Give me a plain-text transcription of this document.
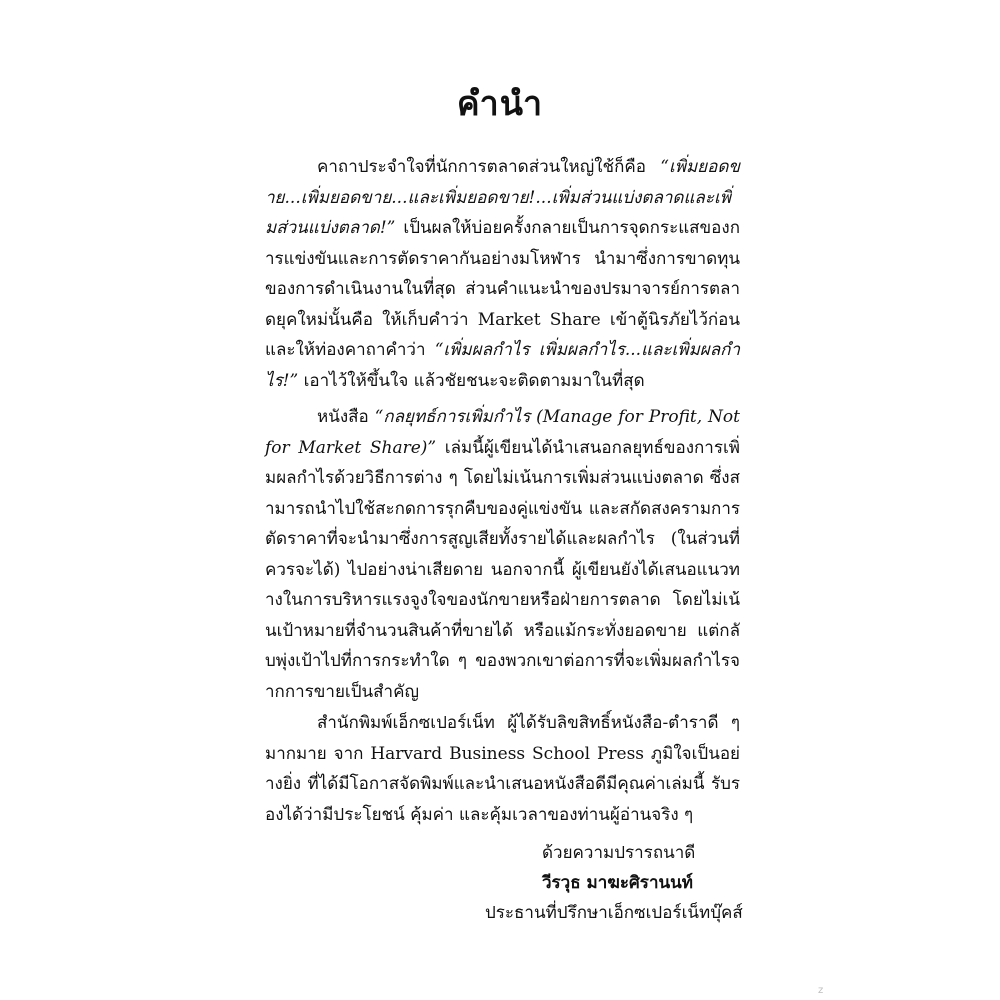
คำนำ
คาถาประจำใจที่นักการตลาดส่วนใหญ่ใช้ก็คือ “เพิ่มยอดขาย...เพิ่มยอดขาย...และเพิ่มยอดขาย!...เพิ่มส่วนแบ่งตลาดและเพิ่มส่วนแบ่งตลาด!” เป็นผลให้บ่อยครั้งกลายเป็นการจุดกระแสของการแข่งขันและการตัดราคากันอย่างมโหฬาร นำมาซึ่งการขาดทุนของการดำเนินงานในที่สุด ส่วนคำแนะนำของปรมาจารย์การตลาดยุคใหม่นั้นคือ ให้เก็บคำว่า Market Share เข้าตู้นิรภัยไว้ก่อน และให้ท่องคาถาคำว่า “เพิ่มผลกำไร เพิ่มผลกำไร...และเพิ่มผลกำไร!” เอาไว้ให้ขึ้นใจ แล้วชัยชนะจะติดตามมาในที่สุด
หนังสือ “กลยุทธ์การเพิ่มกำไร (Manage for Profit, Not for Market Share)” เล่มนี้ผู้เขียนได้นำเสนอกลยุทธ์ของการเพิ่มผลกำไรด้วยวิธีการต่าง ๆ โดยไม่เน้นการเพิ่มส่วนแบ่งตลาด ซึ่งสามารถนำไปใช้สะกดการรุกคืบของคู่แข่งขัน และสกัดสงครามการตัดราคาที่จะนำมาซึ่งการสูญเสียทั้งรายได้และผลกำไร (ในส่วนที่ควรจะได้) ไปอย่างน่าเสียดาย นอกจากนี้ ผู้เขียนยังได้เสนอแนวทางในการบริหารแรงจูงใจของนักขายหรือฝ่ายการตลาด โดยไม่เน้นเป้าหมายที่จำนวนสินค้าที่ขายได้ หรือแม้กระทั่งยอดขาย แต่กลับพุ่งเป้าไปที่การกระทำใด ๆ ของพวกเขาต่อการที่จะเพิ่มผลกำไรจากการขายเป็นสำคัญ
สำนักพิมพ์เอ็กซเปอร์เน็ท ผู้ได้รับลิขสิทธิ์หนังสือ-ตำราดี ๆ มากมาย จาก Harvard Business School Press ภูมิใจเป็นอย่างยิ่ง ที่ได้มีโอกาสจัดพิมพ์และนำเสนอหนังสือดีมีคุณค่าเล่มนี้ รับรองได้ว่ามีประโยชน์ คุ้มค่า และคุ้มเวลาของท่านผู้อ่านจริง ๆ
ด้วยความปรารถนาดี
วีรวุธ มาฆะศิรานนท์
ประธานที่ปรึกษาเอ็กซเปอร์เน็ทบุ๊คส์
z
